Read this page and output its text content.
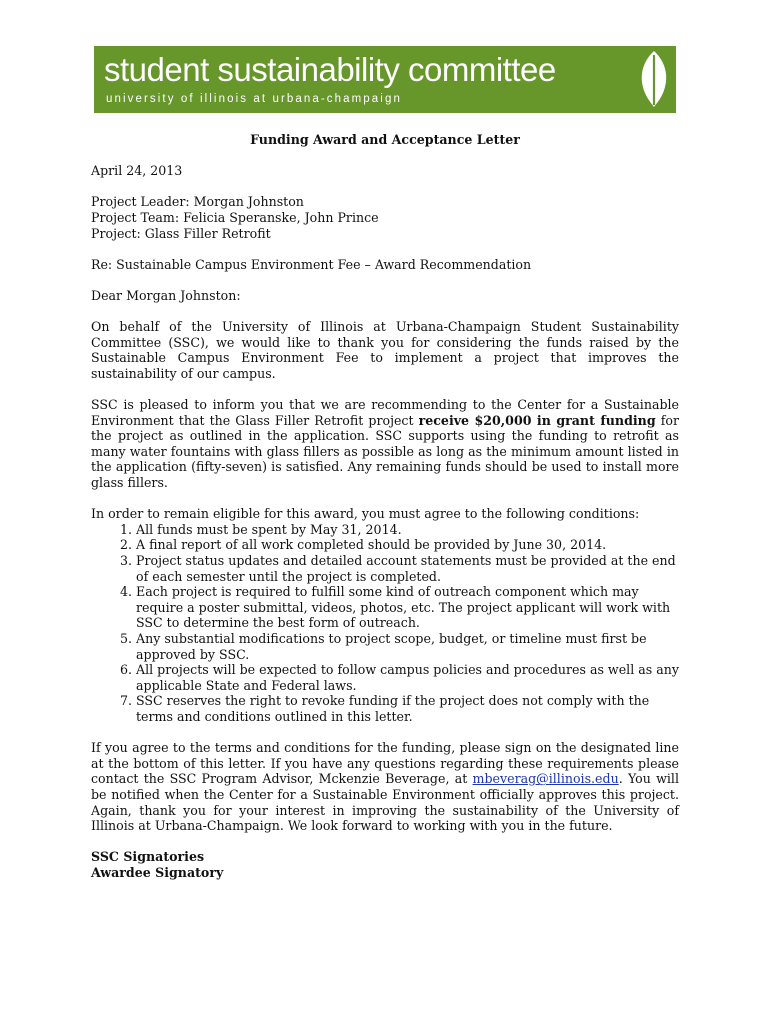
student sustainability committee
university of illinois at urbana-champaign

Funding Award and Acceptance Letter

April 24, 2013

Project Leader: Morgan Johnston

Project Team: Felicia Speranske, John Prince

Project: Glass Filler Retrofit

Re: Sustainable Campus Environment Fee – Award Recommendation

Dear Morgan Johnston:

On behalf of the University of Illinois at Urbana-Champaign Student Sustainability Committee (SSC), we would like to thank you for considering the funds raised by the Sustainable Campus Environment Fee to implement a project that improves the sustainability of our campus.

SSC is pleased to inform you that we are recommending to the Center for a Sustainable Environment that the Glass Filler Retrofit project receive $20,000 in grant funding for the project as outlined in the application. SSC supports using the funding to retrofit as many water fountains with glass fillers as possible as long as the minimum amount listed in the application (fifty-seven) is satisfied. Any remaining funds should be used to install more glass fillers.

In order to remain eligible for this award, you must agree to the following conditions:

1. All funds must be spent by May 31, 2014.
2. A final report of all work completed should be provided by June 30, 2014.
3. Project status updates and detailed account statements must be provided at the end of each semester until the project is completed.
4. Each project is required to fulfill some kind of outreach component which may require a poster submittal, videos, photos, etc. The project applicant will work with SSC to determine the best form of outreach.
5. Any substantial modifications to project scope, budget, or timeline must first be approved by SSC.
6. All projects will be expected to follow campus policies and procedures as well as any applicable State and Federal laws.
7. SSC reserves the right to revoke funding if the project does not comply with the terms and conditions outlined in this letter.

If you agree to the terms and conditions for the funding, please sign on the designated line at the bottom of this letter. If you have any questions regarding these requirements please contact the SSC Program Advisor, Mckenzie Beverage, at mbeverag@illinois.edu. You will be notified when the Center for a Sustainable Environment officially approves this project. Again, thank you for your interest in improving the sustainability of the University of Illinois at Urbana-Champaign. We look forward to working with you in the future.

SSC Signatories

Awardee Signatory
